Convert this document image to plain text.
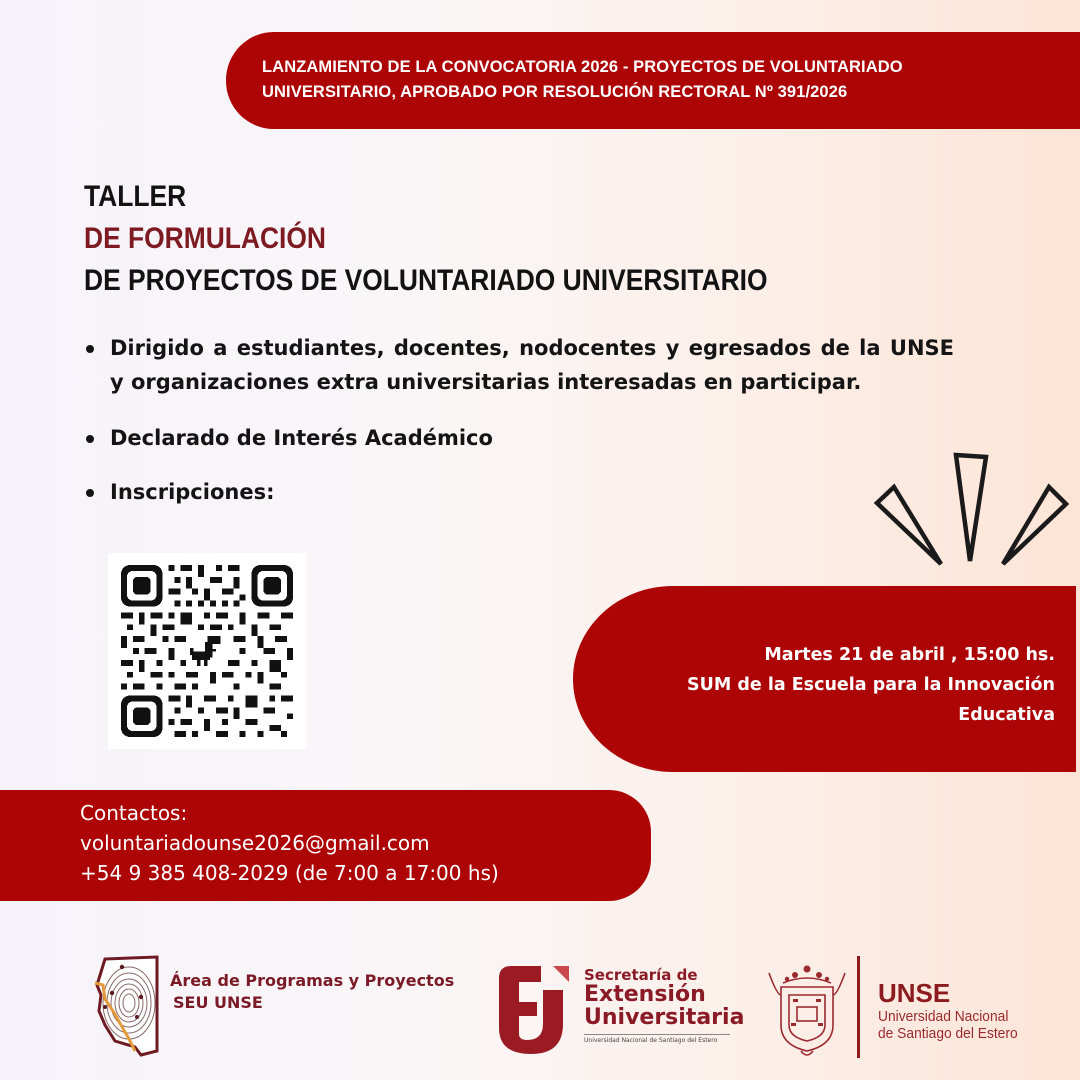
LANZAMIENTO DE LA CONVOCATORIA 2026 - PROYECTOS DE VOLUNTARIADO
UNIVERSITARIO, APROBADO POR RESOLUCIÓN RECTORAL Nº 391/2026
TALLER
DE FORMULACIÓN
DE PROYECTOS DE VOLUNTARIADO UNIVERSITARIO
Dirigido a estudiantes, docentes, nodocentes y egresados de la UNSE y organizaciones extra universitarias interesadas en participar.
Declarado de Interés Académico
Inscripciones:
Martes 21 de abril , 15:00 hs.
SUM de la Escuela para la Innovación
Educativa
Contactos:
voluntariadounse2026@gmail.com
+54 9 385 408-2029 (de 7:00 a 17:00 hs)
Área de Programas y Proyectos
SEU UNSE
Secretaría de
Extensión
Universitaria
Universidad Nacional de Santiago del Estero
UNSE
Universidad Nacional
de Santiago del Estero
